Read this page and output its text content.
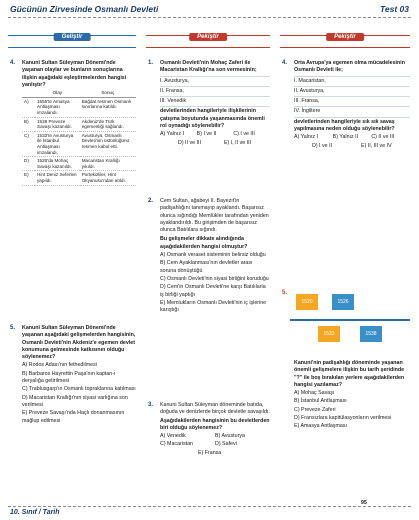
Gücünün Zirvesinde Osmanlı Devleti	Test 03
Geliştir	Pekiştir	Pekiştir
4. Kanuni Sultan Süleyman Dönemi'nde yaşanan olaylar ve bunların sonuçlarına ilişkin aşağıdaki eşleştirmelerden hangisi yanlıştır?
	Olay	Sonuç
A)	1555'te Amasya Antlaşması imzalandı.	Bağdat resmen Osmanlı sınırlarına katıldı.
B)	1538 Preveze Savaşı kazanıldı.	Akdeniz'de Türk egemenliği sağlandı.
C)	1533'te Avusturya ile İstanbul Antlaşması imzalandı.	Avusturya, Osmanlı Devleti'nin üstünlüğünü resmen kabul etti.
D)	1526'da Mohaç Savaşı kazanıldı.	Macaristan Krallığı yıkıldı.
E)	Hint Deniz Seferleri yapıldı.	Portekizliler, Hint Okyanusu'ndan atıldı.
5. Kanuni Sultan Süleyman Dönemi'nde yaşanan aşağıdaki gelişmelerden hangisinin, Osmanlı Devleti'nin Akdeniz'e egemen devlet konumuna gelmesinde katkısının olduğu söylenemez?
A) Rodos Adası'nın fethedilmesi
B) Barbaros Hayrettin Paşa'nın kaptan-ı deryalığa getirilmesi
C) Trablusgarp'ın Osmanlı topraklarına katılması
D) Macaristan Krallığı'nın siyasi varlığına son verilmesi
E) Preveze Savaşı'nda Haçlı donanmasının mağlup edilmesi
1. Osmanlı Devleti'nin Mohaç Zaferi ile Macaristan Krallığı'na son vermesinin;
I. Avusturya,
II. Fransa,
III. Venedik
devletlerinden hangileriyle ilişkilerinin çatışma boyutunda yaşanmasında önemli rol oynadığı söylenebilir?
A) Yalnız I	B) I ve II	C) I ve III
D) II ve III	E) I, II ve III
2. Cem Sultan, ağabeyi II. Bayezıt'in padişahlığını tanımayıp ayaklandı. Başarısız olunca sığındığı Memlükler tarafından yeniden ayaklandırıldı. Bu girişimden de başarısız olunca Batılılara sığındı.
Bu gelişmeler dikkate alındığında aşağıdakilerden hangisi olmuştur?
A) Osmanlı veraset sisteminin belirsiz olduğu
B) Cem Ayaklanması'nın devletler arası soruna dönüştüğü
C) Osmanlı Devleti'nin siyasi birliğini koruduğu
D) Cem'in Osmanlı Devleti'ne karşı Batılılarla iş birliği yaptığı
E) Memlukların Osmanlı Devleti'nin iç işlerine karıştığı
3. Kanuni Sultan Süleyman döneminde batıda, doğuda ve denizlerde birçok devletle savaşıldı.
Aşağıdakilerden hangisinin bu devletlerden biri olduğu söylenemez?
A) Venedik	B) Avusturya
C) Macaristan	D) Safevi
E) Fransa
4. Orta Avrupa'ya egemen olma mücadelesinin Osmanlı Devleti ile;
I. Macaristan,
II. Avusturya,
III. Fransa,
IV. İngiltere
devletlerinden hangileriyle sık sık savaş yapılmasına neden olduğu söylenebilir?
A) Yalnız I	B) Yalnız II	C) II ve III
D) I ve II	E) II, III ve IV
5.
1520	1526
1533	1538
Kanuni'nin padişahlığı döneminde yaşanan önemli gelişmelere ilişkin bu tarih şeridinde "?" ile boş bırakılan yerlere aşağıdakilerden hangisi yazılamaz?
A) Mohaç Savaşı
B) İstanbul Antlaşması
C) Preveze Zaferi
D) Fransızlara kapitülasyonların verilmesi
E) Amasya Antlaşması
10. Sınıf / Tarih
95
